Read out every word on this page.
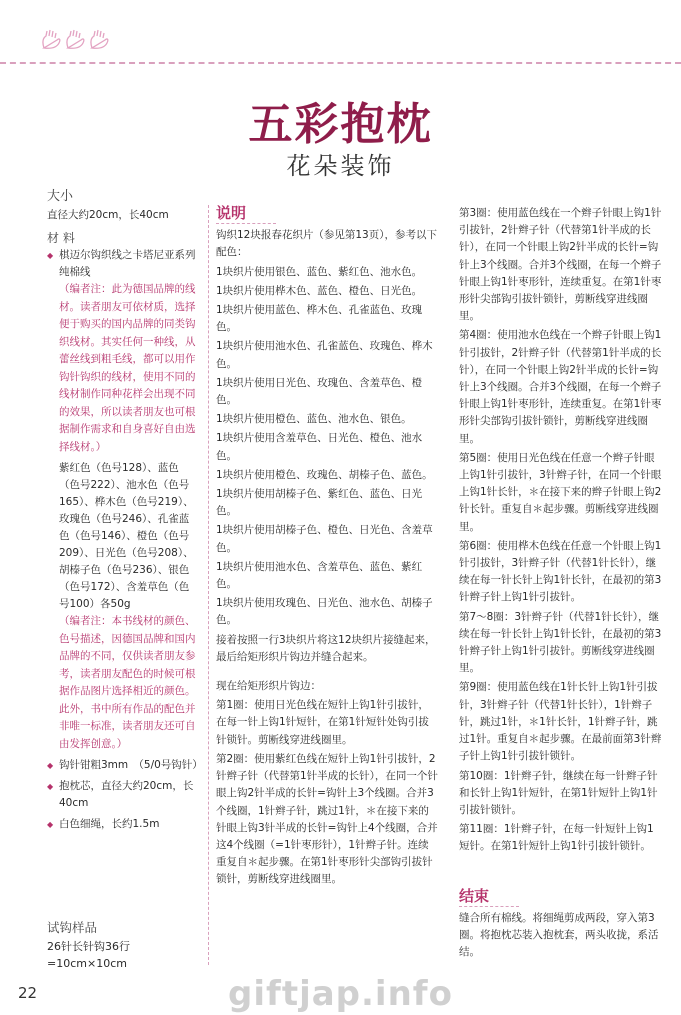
五彩抱枕
花朵装饰
大小
直径大约20cm，长40cm
材 料
◆ 棋迈尔钩织线之卡塔尼亚系列纯棉线
（编者注：此为德国品牌的线材。读者朋友可依材质，选择便于购买的国内品牌的同类钩织线材。其实任何一种线，从蕾丝线到粗毛线，都可以用作钩针钩织的线材，使用不同的线材制作同种花样会出现不同的效果，所以读者朋友也可根据制作需求和自身喜好自由选择线材。）
紫红色（色号128）、蓝色（色号222）、池水色（色号165）、桦木色（色号219）、玫瑰色（色号246）、孔雀蓝色（色号146）、橙色（色号209）、日光色（色号208）、胡榛子色（色号236）、银色（色号172）、含羞草色（色号100）各50g
（编者注：本书线材的颜色、色号描述，因德国品牌和国内品牌的不同，仅供读者朋友参考，读者朋友配色的时候可根据作品图片选择相近的颜色。此外，书中所有作品的配色并非唯一标准，读者朋友还可自由发挥创意。）
◆ 钩针钳粗3mm　（5/0号钩针）
◆ 抱枕芯，直径大约20cm，长40cm
◆ 白色细绳，长约1.5m
试钩样品
26针长针钩36行=10cm×10cm
说明

钩织12块报春花织片（参见第13页），参考以下配色：

1块织片使用银色、蓝色、紫红色、池水色。

1块织片使用桦木色、蓝色、橙色、日光色。

1块织片使用蓝色、桦木色、孔雀蓝色、玫瑰色。

1块织片使用池水色、孔雀蓝色、玫瑰色、桦木色。

1块织片使用日光色、玫瑰色、含羞草色、橙色。

1块织片使用橙色、蓝色、池水色、银色。

1块织片使用含羞草色、日光色、橙色、池水色。

1块织片使用橙色、玫瑰色、胡榛子色、蓝色。

1块织片使用胡榛子色、紫红色、蓝色、日光色。

1块织片使用胡榛子色、橙色、日光色、含羞草色。

1块织片使用池水色、含羞草色、蓝色、紫红色。

1块织片使用玫瑰色、日光色、池水色、胡榛子色。

接着按照一行3块织片将这12块织片接缝起来，最后给矩形织片钩边并缝合起来。

现在给矩形织片钩边：

第1圈：使用日光色线在短针上钩1针引拔针，在每一针上钩1针短针，在第1针短针处钩引拔针锁针。剪断线穿进线圈里。

第2圈：使用紫红色线在短针上钩1针引拔针，2针辫子针（代替第1针半成的长针），在同一个针眼上钩2针半成的长针=钩针上3个线圈。合并3个线圈，1针辫子针，跳过1针，＊在接下来的针眼上钩3针半成的长针=钩针上4个线圈，合并这4个线圈（=1针枣形针），1针辫子针。连续重复自＊起步骤。在第1针枣形针尖部钩引拔针锁针，剪断线穿进线圈里。

第3圈：使用蓝色线在一个辫子针眼上钩1针引拔针，2针辫子针（代替第1针半成的长针），在同一个针眼上钩2针半成的长针=钩针上3个线圈。合并3个线圈，在每一个辫子针眼上钩1针枣形针，连续重复。在第1针枣形针尖部钩引拔针锁针，剪断线穿进线圈里。

第4圈：使用池水色线在一个辫子针眼上钩1针引拔针，2针辫子针（代替第1针半成的长针），在同一个针眼上钩2针半成的长针=钩针上3个线圈。合并3个线圈，在每一个辫子针眼上钩1针枣形针，连续重复。在第1针枣形针尖部钩引拔针锁针，剪断线穿进线圈里。

第5圈：使用日光色线在任意一个辫子针眼上钩1针引拔针，3针辫子针，在同一个针眼上钩1针长针，＊在接下来的辫子针眼上钩2针长针。重复自＊起步骤。剪断线穿进线圈里。

第6圈：使用桦木色线在任意一个针眼上钩1针引拔针，3针辫子针（代替1针长针），继续在每一针长针上钩1针长针，在最初的第3针辫子针上钩1针引拔针。

第7～8圈：3针辫子针（代替1针长针），继续在每一针长针上钩1针长针，在最初的第3针辫子针上钩1针引拔针。剪断线穿进线圈里。

第9圈：使用蓝色线在1针长针上钩1针引拔针，3针辫子针（代替1针长针），1针辫子针，跳过1针，＊1针长针，1针辫子针，跳过1针。重复自＊起步骤。在最前面第3针辫子针上钩1针引拔针锁针。

第10圈：1针辫子针，继续在每一针辫子针和长针上钩1针短针，在第1针短针上钩1针引拔针锁针。

第11圈：1针辫子针，在每一针短针上钩1短针。在第1针短针上钩1针引拔针锁针。

结束
缝合所有棉线。将细绳剪成两段，穿入第3圈。将抱枕芯装入抱枕套，两头收拢，系活结。
22	giftjap.info
